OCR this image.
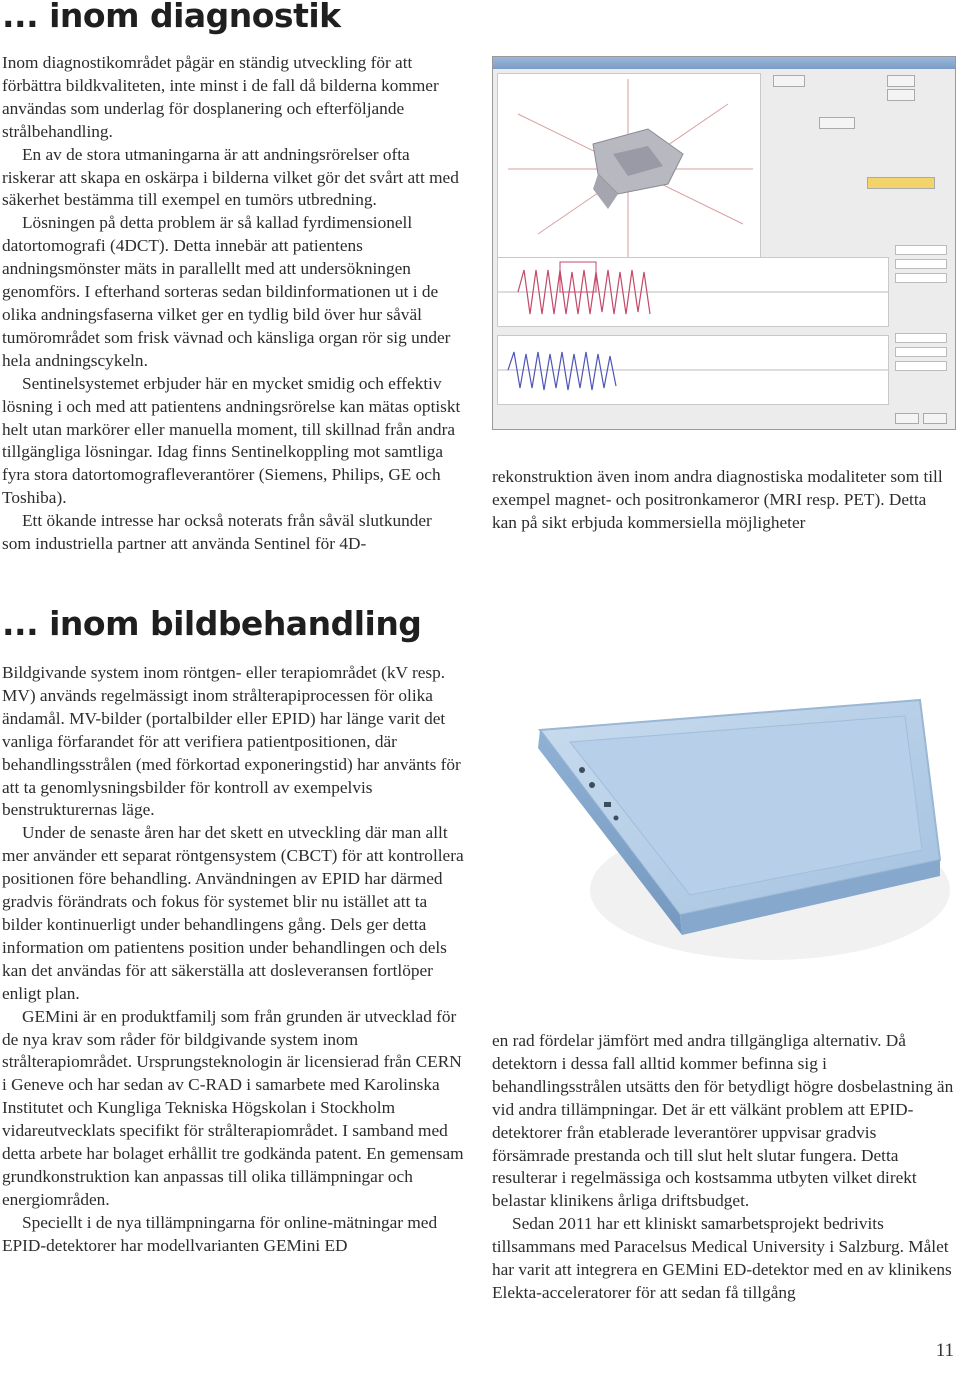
... inom diagnostik

Inom diagnostikområdet pågär en ständig utveckling för att förbättra bildkvaliteten, inte minst i de fall då bilderna kommer användas som underlag för dosplanering och efterföljande strålbehandling.

En av de stora utmaningarna är att andningsrörelser ofta riskerar att skapa en oskärpa i bilderna vilket gör det svårt att med säkerhet bestämma till exempel en tumörs utbredning.

Lösningen på detta problem är så kallad fyrdimensionell datortomografi (4DCT). Detta innebär att patientens andningsmönster mäts in parallellt med att undersökningen genomförs. I efterhand sorteras sedan bildinformationen ut i de olika andningsfaserna vilket ger en tydlig bild över hur såväl tumörområdet som frisk vävnad och känsliga organ rör sig under hela andningscykeln.

Sentinelsystemet erbjuder här en mycket smidig och effektiv lösning i och med att patientens andningsrörelse kan mätas optiskt helt utan markörer eller manuella moment, till skillnad från andra tillgängliga lösningar. Idag finns Sentinelkoppling mot samtliga fyra stora datortomografleverantörer (Siemens, Philips, GE och Toshiba).

Ett ökande intresse har också noterats från såväl slutkunder som industriella partner att använda Sentinel för 4D-

rekonstruktion även inom andra diagnostiska modaliteter som till exempel magnet- och positronkameror (MRI resp. PET). Detta kan på sikt erbjuda kommersiella möjligheter

... inom bildbehandling

Bildgivande system inom röntgen- eller terapiområdet (kV resp. MV) används regelmässigt inom strålterapiprocessen för olika ändamål. MV-bilder (portalbilder eller EPID) har länge varit det vanliga förfarandet för att verifiera patientpositionen, där behandlingsstrålen (med förkortad exponeringstid) har använts för att ta genomlysningsbilder för kontroll av exempelvis benstrukturernas läge.

Under de senaste åren har det skett en utveckling där man allt mer använder ett separat röntgensystem (CBCT) för att kontrollera positionen före behandling. Användningen av EPID har därmed gradvis förändrats och fokus för systemet blir nu istället att ta bilder kontinuerligt under behandlingens gång. Dels ger detta information om patientens position under behandlingen och dels kan det användas för att säkerställa att dosleveransen fortlöper enligt plan.

GEMini är en produktfamilj som från grunden är utvecklad för de nya krav som råder för bildgivande system inom strålterapiområdet. Ursprungsteknologin är licensierad från CERN i Geneve och har sedan av C-RAD i samarbete med Karolinska Institutet och Kungliga Tekniska Högskolan i Stockholm vidareutvecklats specifikt för strålterapiområdet. I samband med detta arbete har bolaget erhållit tre godkända patent. En gemensam grundkonstruktion kan anpassas till olika tillämpningar och energiområden.

Speciellt i de nya tillämpningarna för online-mätningar med EPID-detektorer har modellvarianten GEMini ED

en rad fördelar jämfört med andra tillgängliga alternativ. Då detektorn i dessa fall alltid kommer befinna sig i behandlingsstrålen utsätts den för betydligt högre dosbelastning än vid andra tillämpningar. Det är ett välkänt problem att EPID-detektorer från etablerade leverantörer uppvisar gradvis försämrade prestanda och till slut helt slutar fungera. Detta resulterar i regelmässiga och kostsamma utbyten vilket direkt belastar klinikens årliga driftsbudget.

Sedan 2011 har ett kliniskt samarbetsprojekt bedrivits tillsammans med Paracelsus Medical University i Salzburg. Målet har varit att integrera en GEMini ED-detektor med en av klinikens Elekta-acceleratorer för att sedan få tillgång

11
